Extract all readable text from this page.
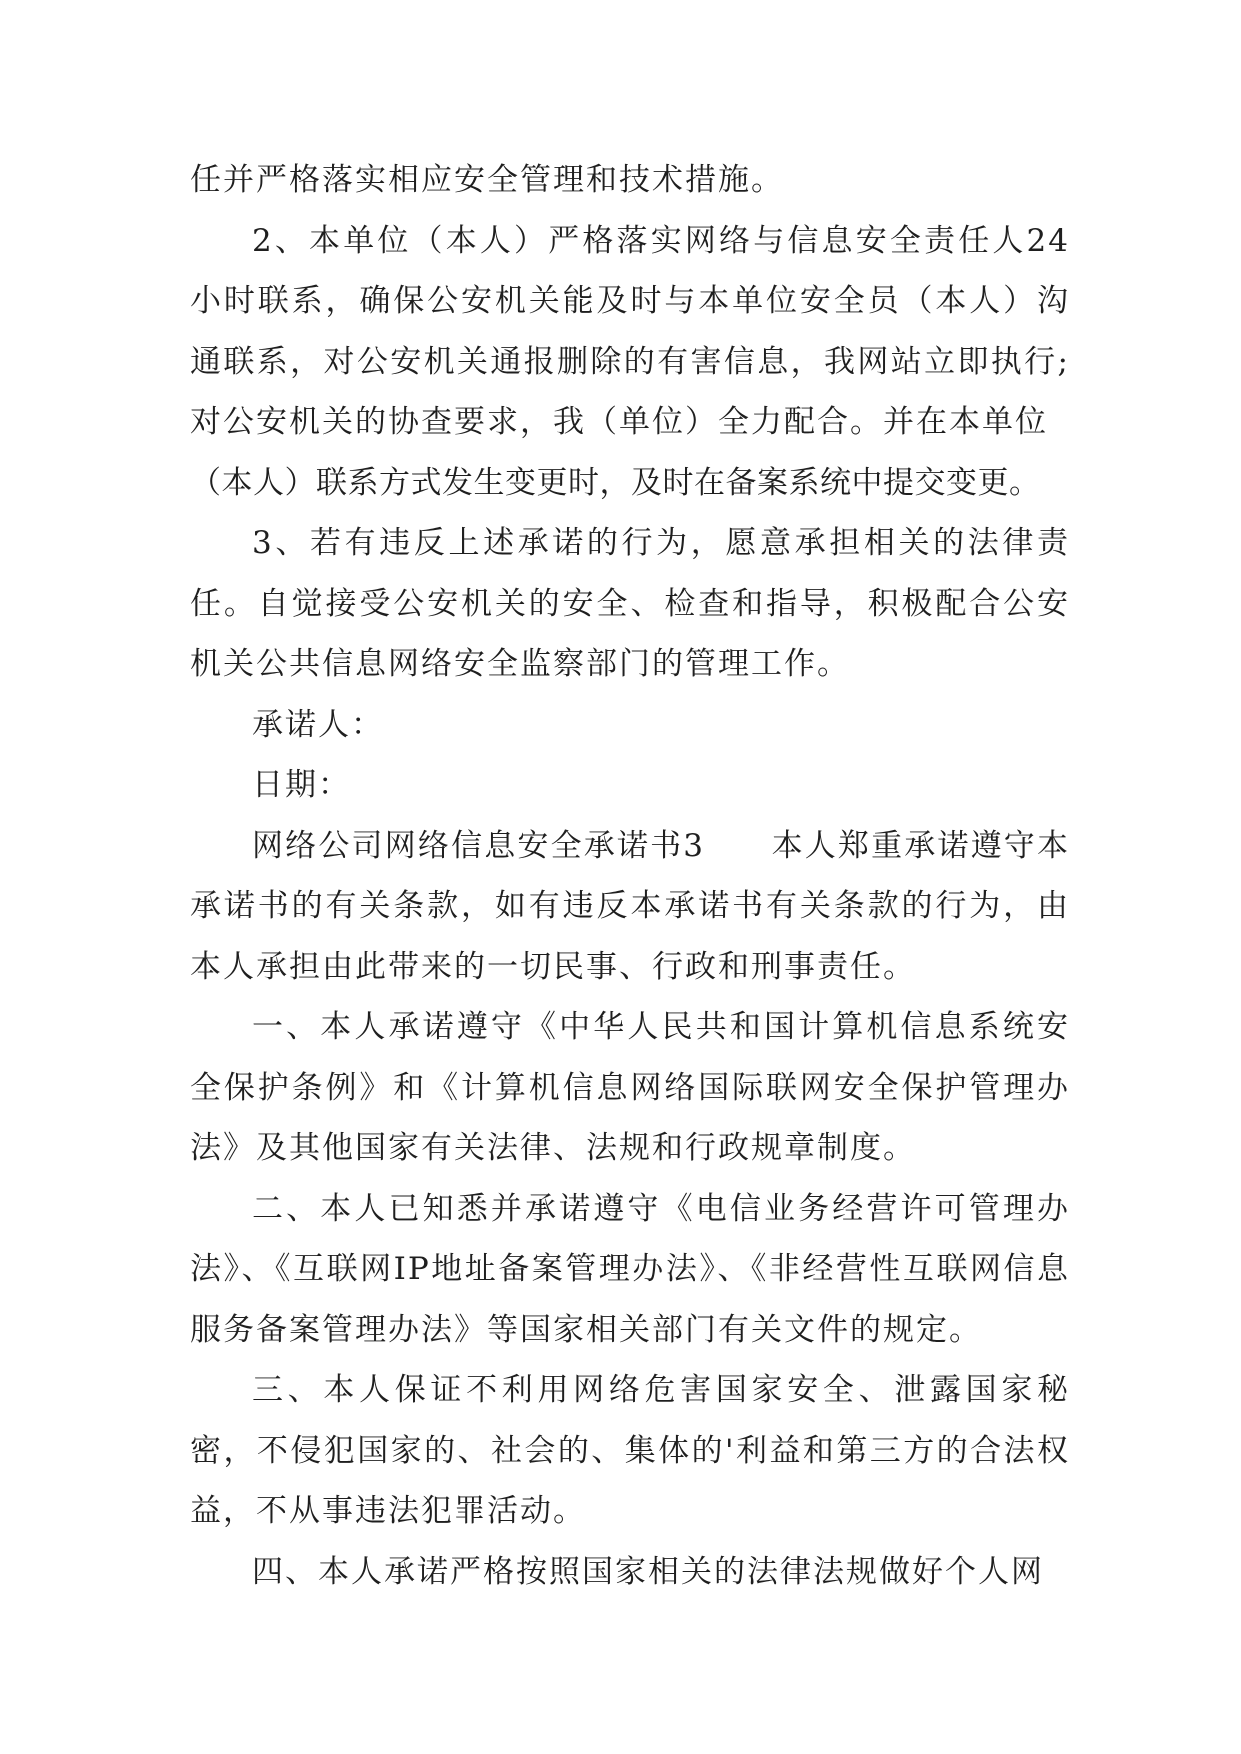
任并严格落实相应安全管理和技术措施。

2、本单位（本人）严格落实网络与信息安全责任人24小时联系，确保公安机关能及时与本单位安全员（本人）沟通联系，对公安机关通报删除的有害信息，我网站立即执行;对公安机关的协查要求，我（单位）全力配合。并在本单位

（本人）联系方式发生变更时，及时在备案系统中提交变更。

3、若有违反上述承诺的行为，愿意承担相关的法律责任。自觉接受公安机关的安全、检查和指导，积极配合公安机关公共信息网络安全监察部门的管理工作。

承诺人：

日期：

网络公司网络信息安全承诺书3　　本人郑重承诺遵守本承诺书的有关条款，如有违反本承诺书有关条款的行为，由本人承担由此带来的一切民事、行政和刑事责任。

一、本人承诺遵守《中华人民共和国计算机信息系统安全保护条例》和《计算机信息网络国际联网安全保护管理办法》及其他国家有关法律、法规和行政规章制度。

二、本人已知悉并承诺遵守《电信业务经营许可管理办法》、《互联网IP地址备案管理办法》、《非经营性互联网信息服务备案管理办法》等国家相关部门有关文件的规定。

三、本人保证不利用网络危害国家安全、泄露国家秘密，不侵犯国家的、社会的、集体的'利益和第三方的合法权益，不从事违法犯罪活动。

四、本人承诺严格按照国家相关的法律法规做好个人网
